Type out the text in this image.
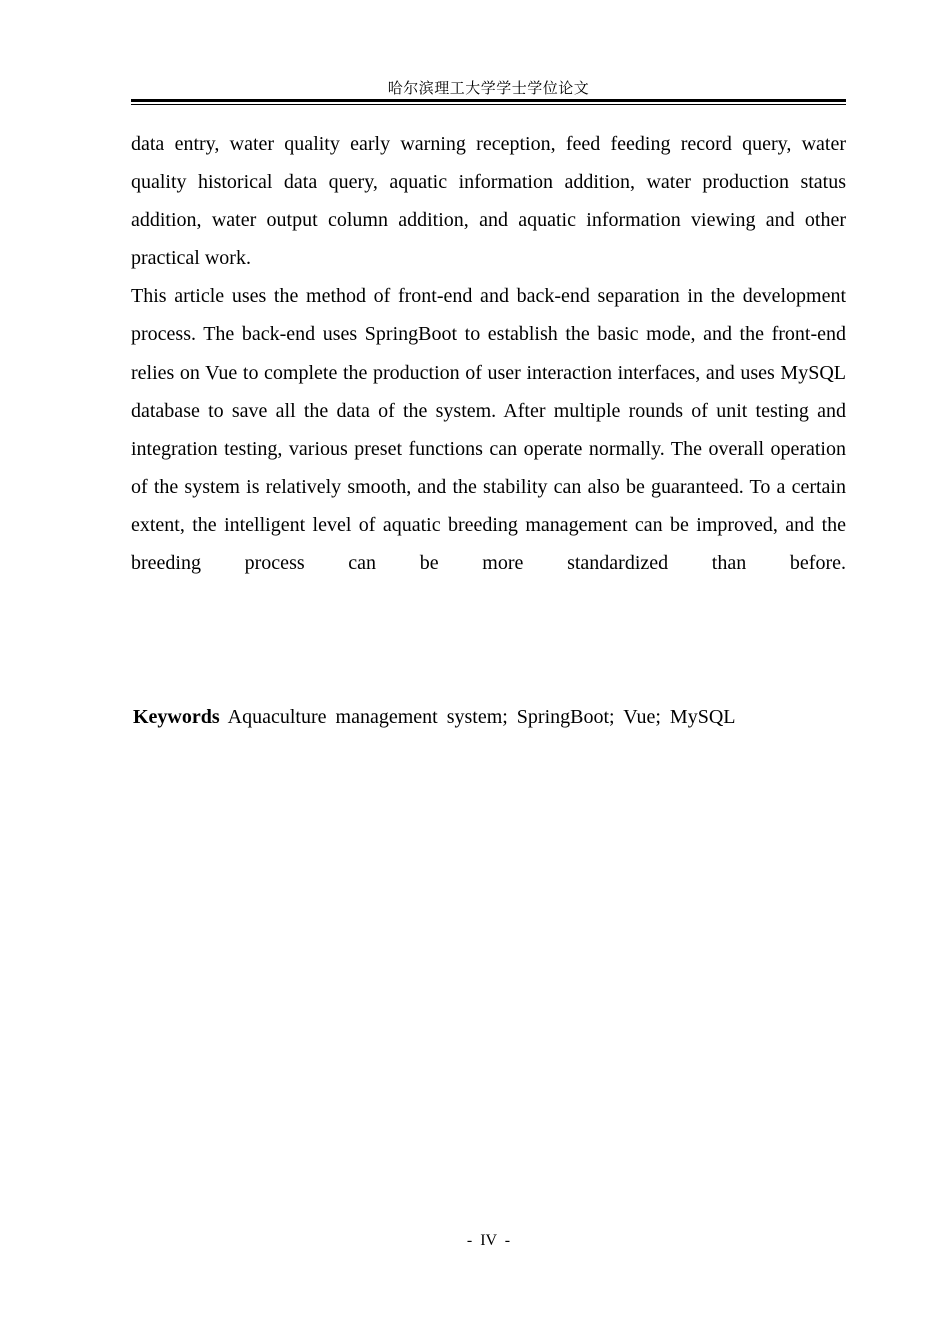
哈尔滨理工大学学士学位论文

data entry, water quality early warning reception, feed feeding record query, water quality historical data query, aquatic information addition, water production status addition, water output column addition, and aquatic information viewing and other practical work.

This article uses the method of front-end and back-end separation in the development process. The back-end uses SpringBoot to establish the basic mode, and the front-end relies on Vue to complete the production of user interaction interfaces, and uses MySQL database to save all the data of the system. After multiple rounds of unit testing and integration testing, various preset functions can operate normally. The overall operation of the system is relatively smooth, and the stability can also be guaranteed. To a certain extent, the intelligent level of aquatic breeding management can be improved, and the breeding process can be more standardized than before.

Keywords Aquaculture management system; SpringBoot; Vue; MySQL
- IV -
